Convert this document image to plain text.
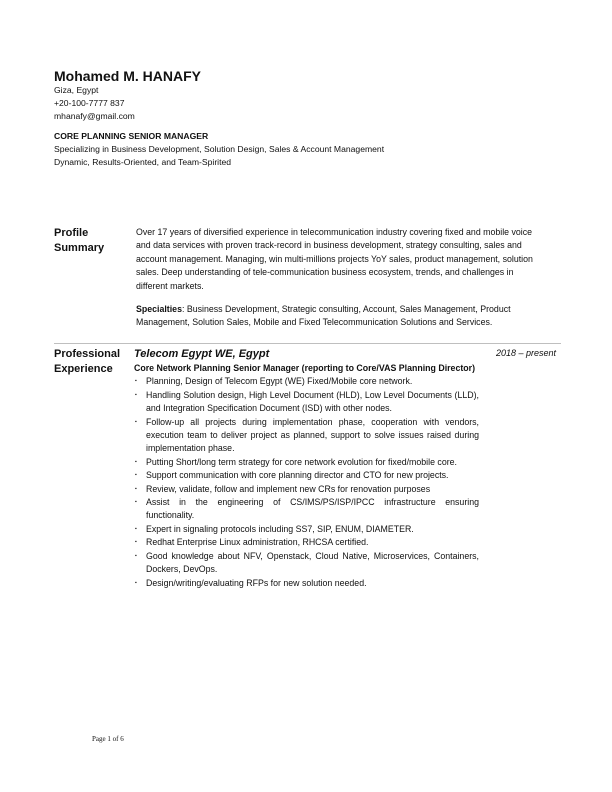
Mohamed M. HANAFY
Giza, Egypt
+20-100-7777 837
mhanafy@gmail.com
CORE PLANNING SENIOR MANAGER
Specializing in Business Development, Solution Design, Sales & Account Management
Dynamic, Results-Oriented, and Team-Spirited
Profile
Summary

Over 17 years of diversified experience in telecommunication industry covering fixed and mobile voice and data services with proven track-record in business development, strategy consulting, sales and account management. Managing, win multi-millions projects YoY sales, product management, solution sales. Deep understanding of tele-communication business ecosystem, trends, and challenges in different markets.

Specialties: Business Development, Strategic consulting, Account, Sales Management, Product Management, Solution Sales, Mobile and Fixed Telecommunication Solutions and Services.

Professional
Experience
2018 – present
Telecom Egypt WE, Egypt
Core Network Planning Senior Manager (reporting to Core/VAS Planning Director)
▪ Planning, Design of Telecom Egypt (WE) Fixed/Mobile core network.
▪ Handling Solution design, High Level Document (HLD), Low Level Documents (LLD), and Integration Specification Document (ISD) with other nodes.
▪ Follow-up all projects during implementation phase, cooperation with vendors, execution team to deliver project as planned, support to solve issues raised during implementation phase.
▪ Putting Short/long term strategy for core network evolution for fixed/mobile core.
▪ Support communication with core planning director and CTO for new projects.
▪ Review, validate, follow and implement new CRs for renovation purposes
▪ Assist in the engineering of CS/IMS/PS/ISP/IPCC infrastructure ensuring functionality.
▪ Expert in signaling protocols including SS7, SIP, ENUM, DIAMETER.
▪ Redhat Enterprise Linux administration, RHCSA certified.
▪ Good knowledge about NFV, Openstack, Cloud Native, Microservices, Containers, Dockers, DevOps.
▪ Design/writing/evaluating RFPs for new solution needed.
Page 1 of 6
